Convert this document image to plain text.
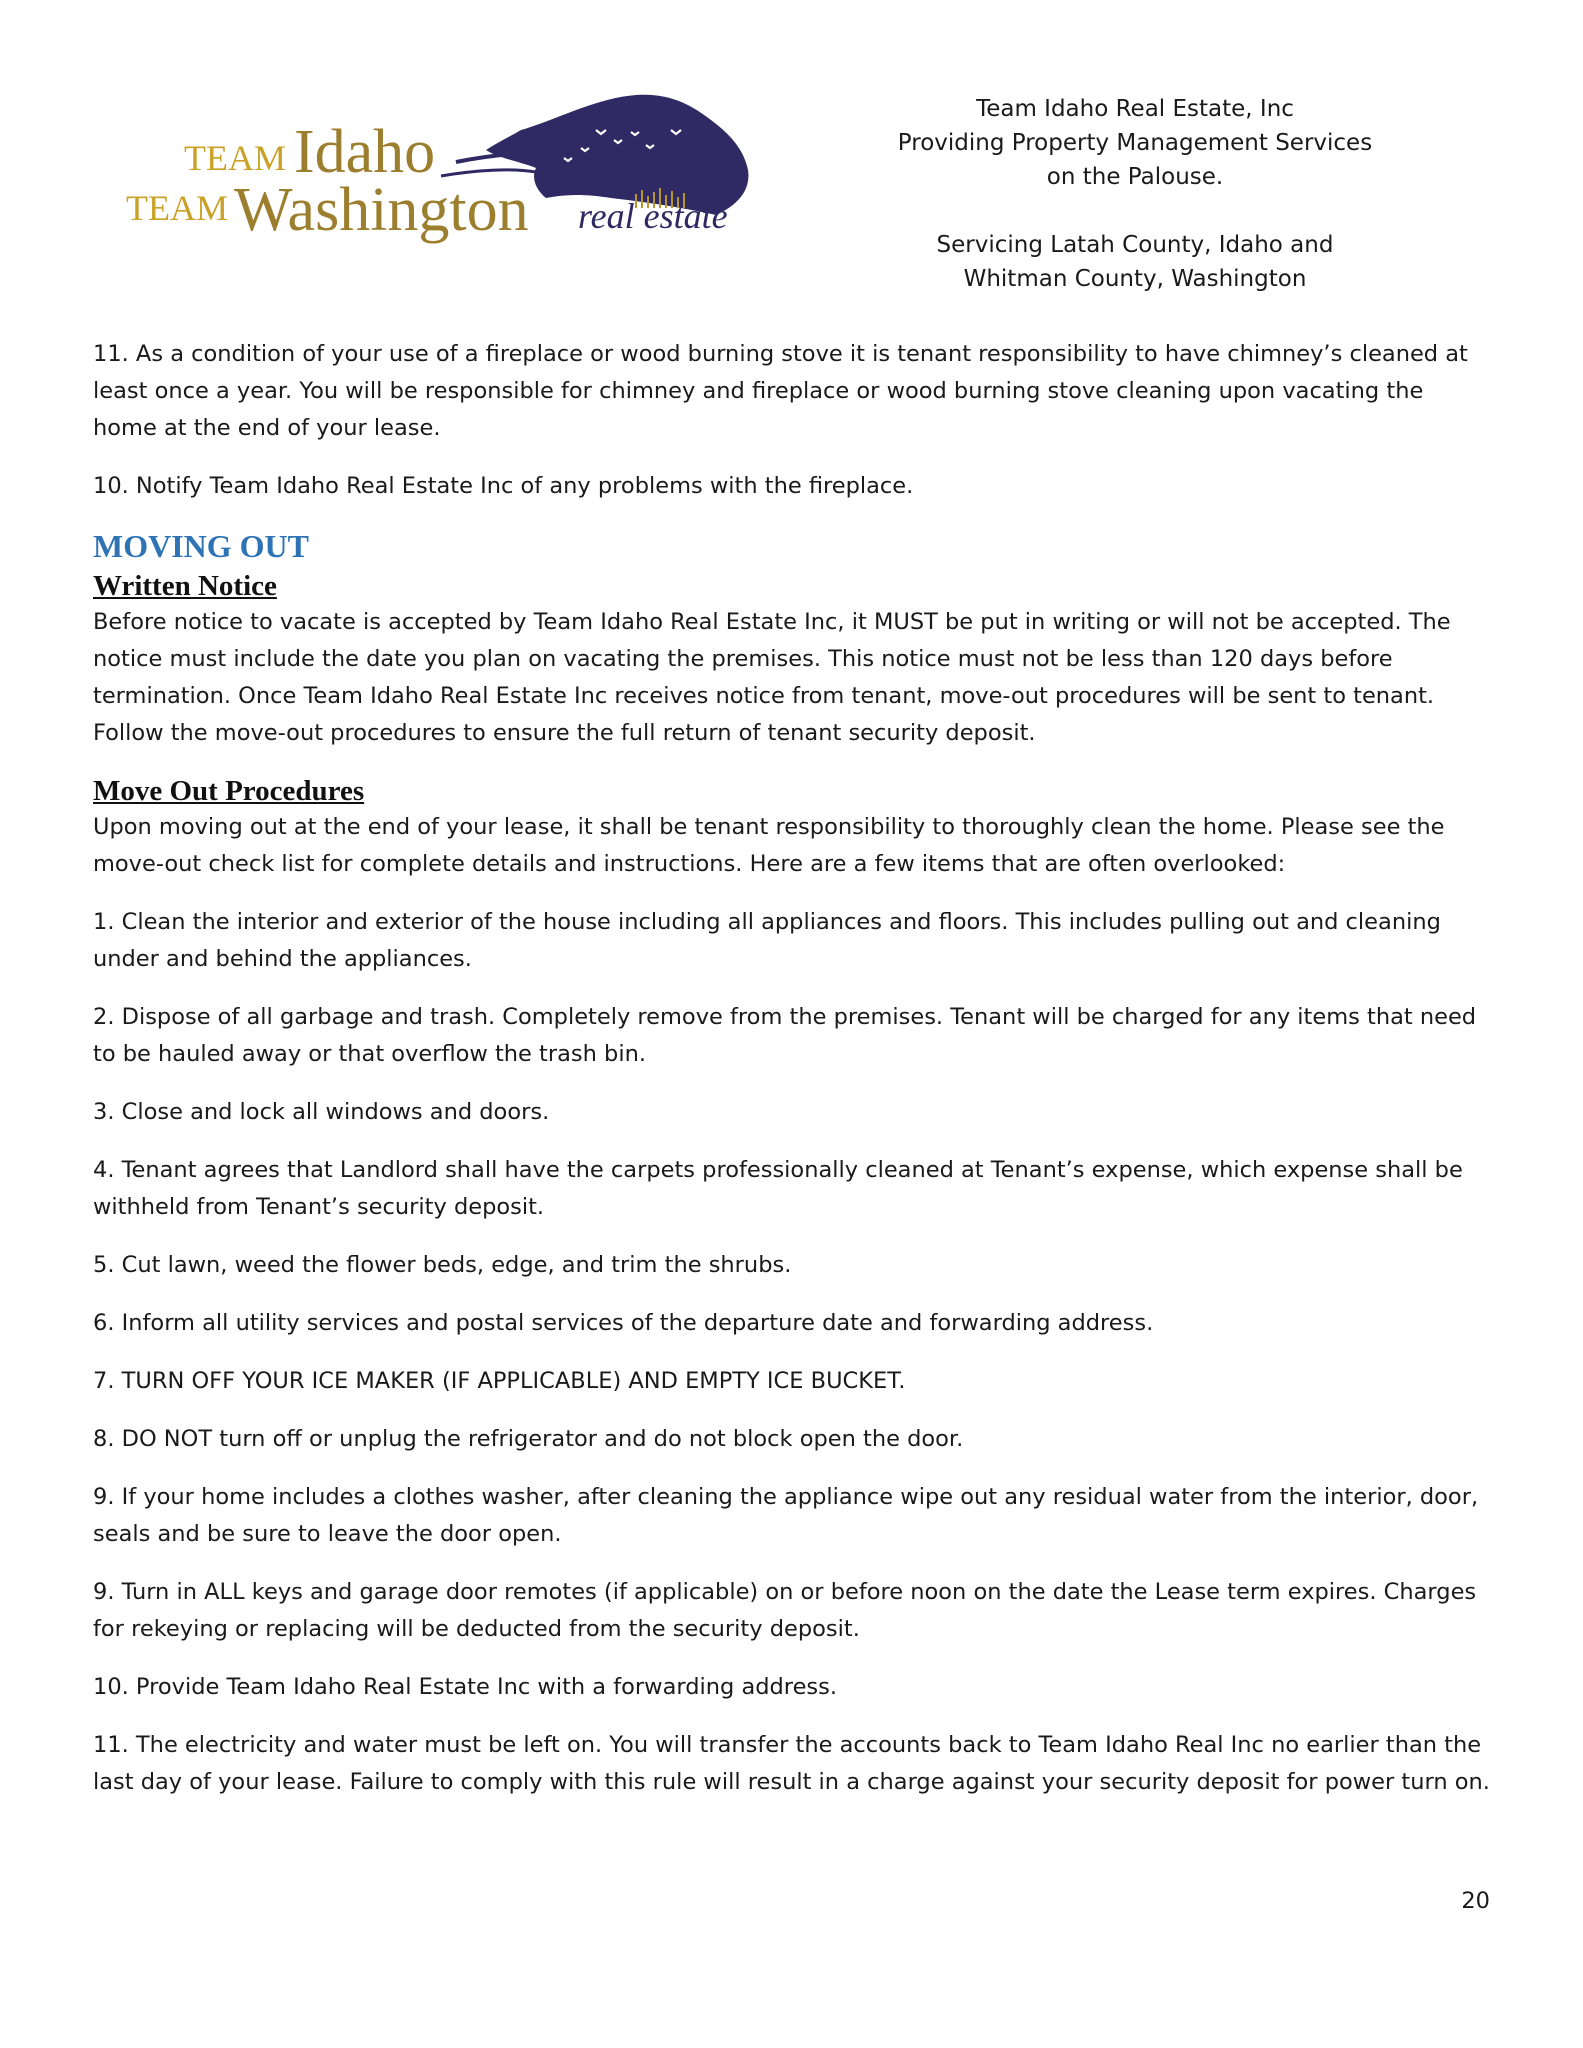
TEAM Idaho
TEAM Washington real estate

Team Idaho Real Estate, Inc

Providing Property Management Services

on the Palouse.

Servicing Latah County, Idaho and

Whitman County, Washington

11. As a condition of your use of a fireplace or wood burning stove it is tenant responsibility to have chimney’s cleaned at least once a year. You will be responsible for chimney and fireplace or wood burning stove cleaning upon vacating the home at the end of your lease.

10. Notify Team Idaho Real Estate Inc of any problems with the fireplace.

MOVING OUT
Written Notice

Before notice to vacate is accepted by Team Idaho Real Estate Inc, it MUST be put in writing or will not be accepted. The notice must include the date you plan on vacating the premises. This notice must not be less than 120 days before termination. Once Team Idaho Real Estate Inc receives notice from tenant, move-out procedures will be sent to tenant. Follow the move-out procedures to ensure the full return of tenant security deposit.

Move Out Procedures

Upon moving out at the end of your lease, it shall be tenant responsibility to thoroughly clean the home. Please see the move-out check list for complete details and instructions. Here are a few items that are often overlooked:

1. Clean the interior and exterior of the house including all appliances and floors. This includes pulling out and cleaning under and behind the appliances.

2. Dispose of all garbage and trash. Completely remove from the premises. Tenant will be charged for any items that need to be hauled away or that overflow the trash bin.

3. Close and lock all windows and doors.

4. Tenant agrees that Landlord shall have the carpets professionally cleaned at Tenant’s expense, which expense shall be withheld from Tenant’s security deposit.

5. Cut lawn, weed the flower beds, edge, and trim the shrubs.

6. Inform all utility services and postal services of the departure date and forwarding address.

7. TURN OFF YOUR ICE MAKER (IF APPLICABLE) AND EMPTY ICE BUCKET.

8. DO NOT turn off or unplug the refrigerator and do not block open the door.

9. If your home includes a clothes washer, after cleaning the appliance wipe out any residual water from the interior, door, seals and be sure to leave the door open.

9. Turn in ALL keys and garage door remotes (if applicable) on or before noon on the date the Lease term expires. Charges for rekeying or replacing will be deducted from the security deposit.

10. Provide Team Idaho Real Estate Inc with a forwarding address.

11. The electricity and water must be left on. You will transfer the accounts back to Team Idaho Real Inc no earlier than the last day of your lease. Failure to comply with this rule will result in a charge against your security deposit for power turn on.

20
